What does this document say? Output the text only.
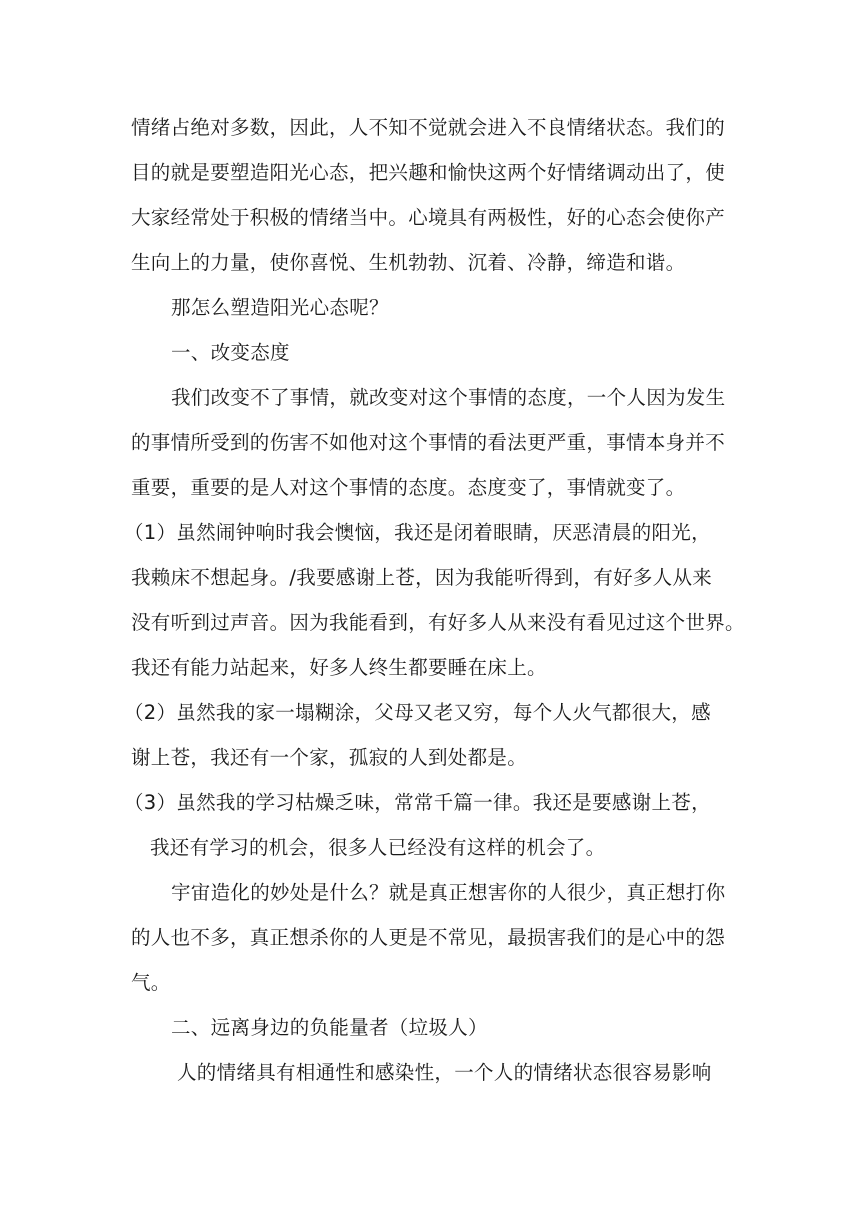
情绪占绝对多数，因此，人不知不觉就会进入不良情绪状态。我们的
目的就是要塑造阳光心态，把兴趣和愉快这两个好情绪调动出了，使
大家经常处于积极的情绪当中。心境具有两极性，好的心态会使你产
生向上的力量，使你喜悦、生机勃勃、沉着、冷静，缔造和谐。
那怎么塑造阳光心态呢？
一、改变态度
我们改变不了事情，就改变对这个事情的态度，一个人因为发生
的事情所受到的伤害不如他对这个事情的看法更严重，事情本身并不
重要，重要的是人对这个事情的态度。态度变了，事情就变了。
（1）虽然闹钟响时我会懊恼，我还是闭着眼睛，厌恶清晨的阳光，
我赖床不想起身。/我要感谢上苍，因为我能听得到，有好多人从来
没有听到过声音。因为我能看到，有好多人从来没有看见过这个世界。
我还有能力站起来，好多人终生都要睡在床上。
（2）虽然我的家一塌糊涂，父母又老又穷，每个人火气都很大，感
谢上苍，我还有一个家，孤寂的人到处都是。
（3）虽然我的学习枯燥乏味，常常千篇一律。我还是要感谢上苍，
我还有学习的机会，很多人已经没有这样的机会了。
宇宙造化的妙处是什么？就是真正想害你的人很少，真正想打你
的人也不多，真正想杀你的人更是不常见，最损害我们的是心中的怨
气。
二、远离身边的负能量者（垃圾人）
人的情绪具有相通性和感染性，一个人的情绪状态很容易影响
